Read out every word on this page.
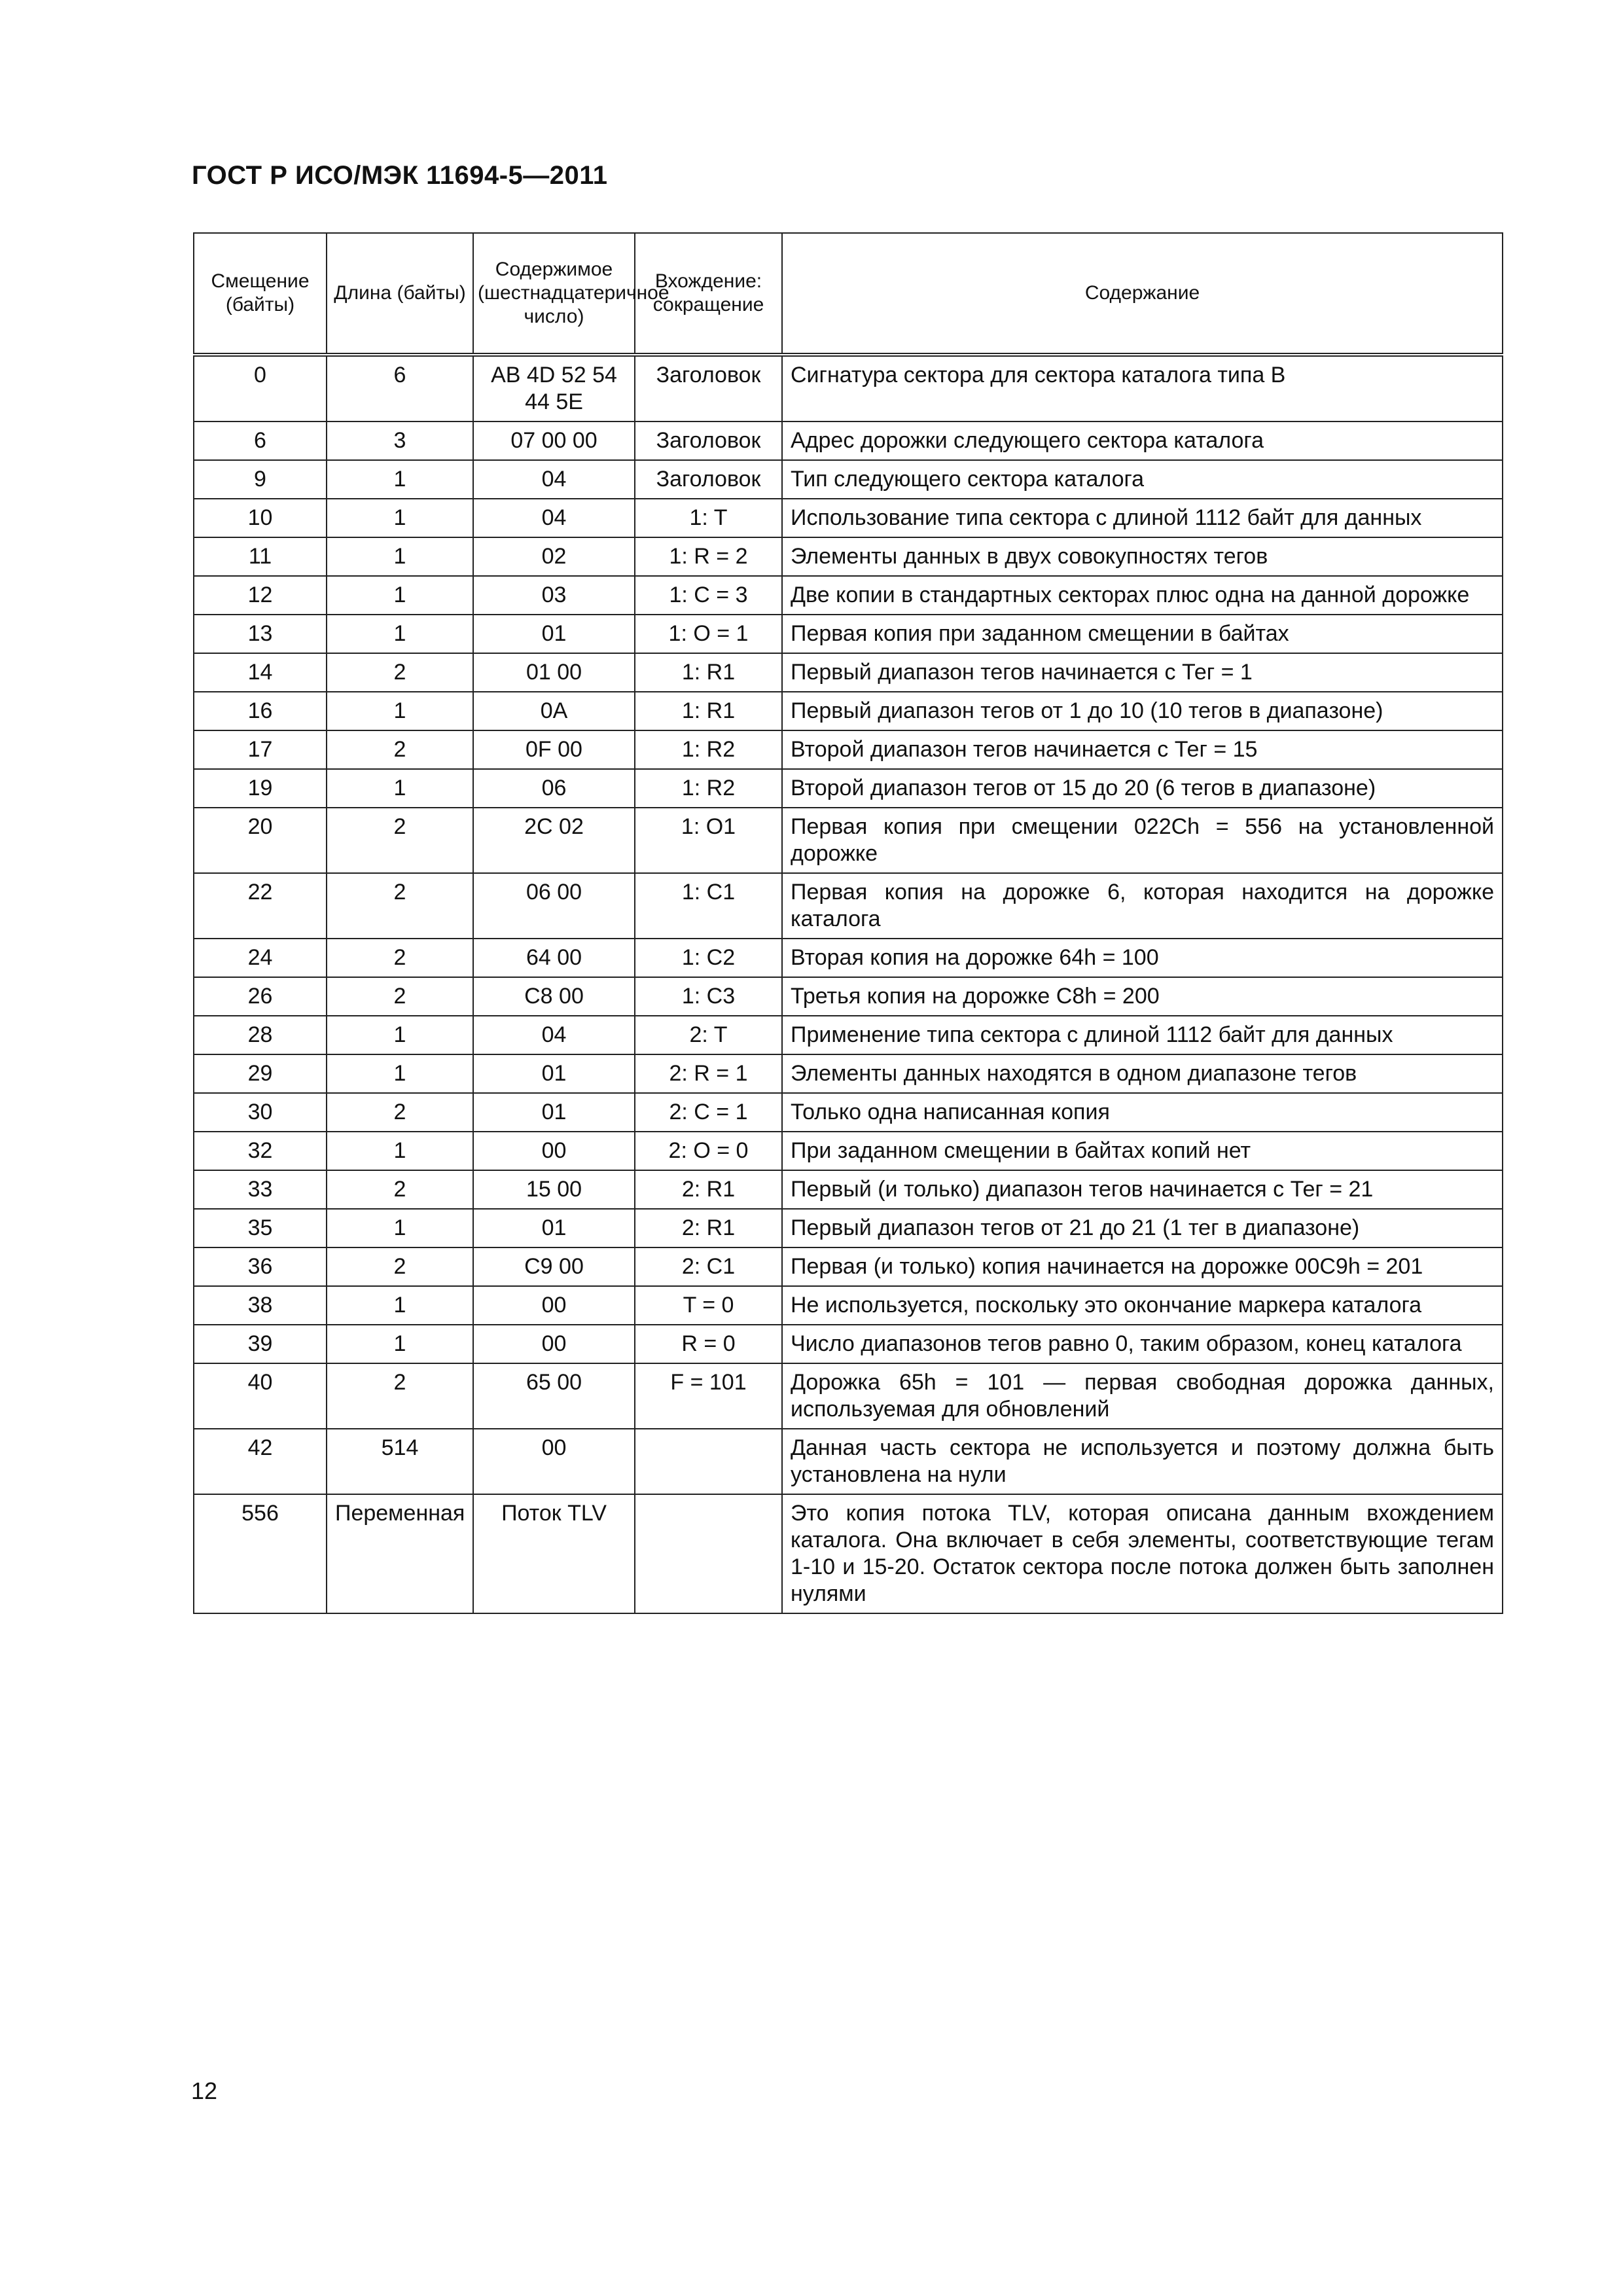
ГОСТ Р ИСО/МЭК 11694-5—2011
Смещение (байты)	Длина (байты)	Содержимое (шестнадцатеричное число)	Вхождение: сокращение	Содержание
0	6	AB 4D 52 54 44 5E	Заголовок	Сигнатура сектора для сектора каталога типа B
6	3	07 00 00	Заголовок	Адрес дорожки следующего сектора каталога
9	1	04	Заголовок	Тип следующего сектора каталога
10	1	04	1: T	Использование типа сектора с длиной 1112 байт для данных
11	1	02	1: R = 2	Элементы данных в двух совокупностях тегов
12	1	03	1: C = 3	Две копии в стандартных секторах плюс одна на данной дорожке
13	1	01	1: O = 1	Первая копия при заданном смещении в байтах
14	2	01 00	1: R1	Первый диапазон тегов начинается с Тег = 1
16	1	0A	1: R1	Первый диапазон тегов от 1 до 10 (10 тегов в диапазоне)
17	2	0F 00	1: R2	Второй диапазон тегов начинается с Тег = 15
19	1	06	1: R2	Второй диапазон тегов от 15 до 20 (6 тегов в диапазоне)
20	2	2C 02	1: O1	Первая копия при смещении 022Ch = 556 на установленной дорожке
22	2	06 00	1: C1	Первая копия на дорожке 6, которая находится на дорожке каталога
24	2	64 00	1: C2	Вторая копия на дорожке 64h = 100
26	2	C8 00	1: C3	Третья копия на дорожке C8h = 200
28	1	04	2: T	Применение типа сектора с длиной 1112 байт для данных
29	1	01	2: R = 1	Элементы данных находятся в одном диапазоне тегов
30	2	01	2: C = 1	Только одна написанная копия
32	1	00	2: O = 0	При заданном смещении в байтах копий нет
33	2	15 00	2: R1	Первый (и только) диапазон тегов начинается с Тег = 21
35	1	01	2: R1	Первый диапазон тегов от 21 до 21 (1 тег в диапазоне)
36	2	C9 00	2: C1	Первая (и только) копия начинается на дорожке 00C9h = 201
38	1	00	T = 0	Не используется, поскольку это окончание маркера каталога
39	1	00	R = 0	Число диапазонов тегов равно 0, таким образом, конец каталога
40	2	65 00	F = 101	Дорожка 65h = 101 — первая свободная дорожка данных, используемая для обновлений
42	514	00		Данная часть сектора не используется и поэтому должна быть установлена на нули
556	Переменная	Поток TLV		Это копия потока TLV, которая описана данным вхождением каталога. Она включает в себя элементы, соответствующие тегам 1-10 и 15-20. Остаток сектора после потока должен быть заполнен нулями
12
